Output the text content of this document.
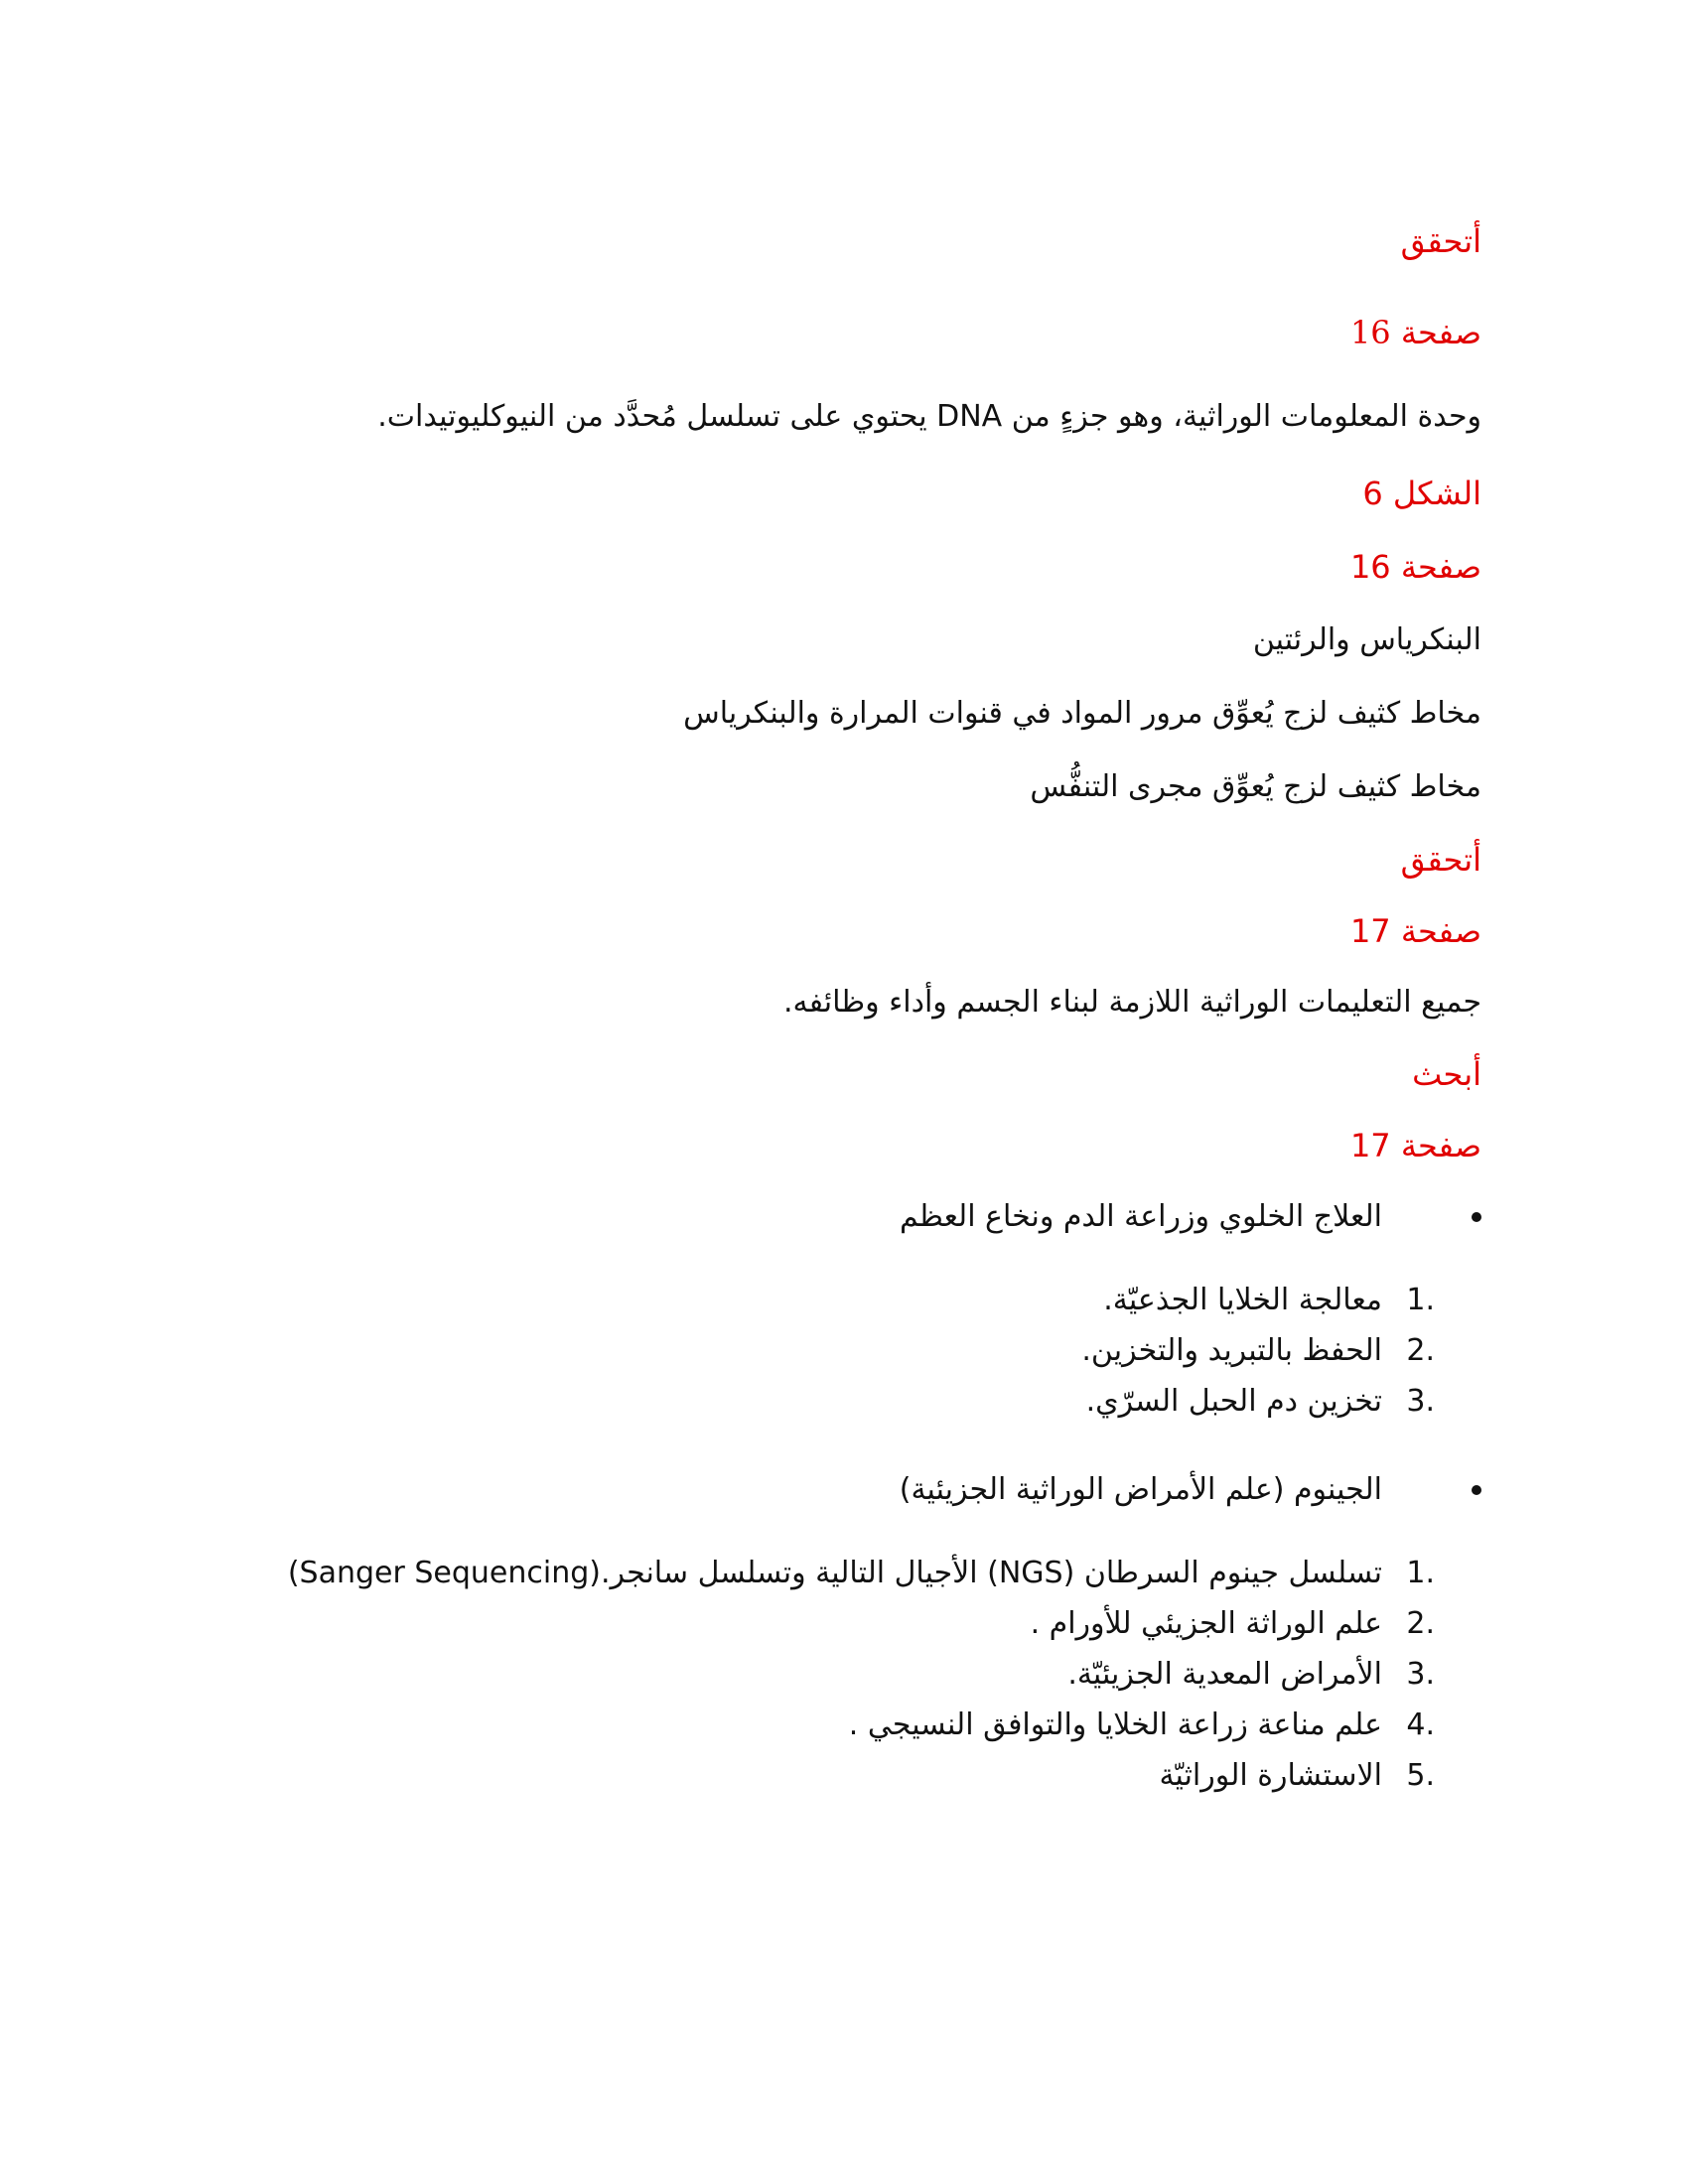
أتحقق

صفحة 16

وحدة المعلومات الوراثية، وهو جزءٍ من DNA يحتوي على تسلسل مُحدَّد من النيوكليوتيدات.

الشكل 6

صفحة 16

البنكرياس والرئتين

مخاط كثيف لزج يُعوِّق مرور المواد في قنوات المرارة والبنكرياس

مخاط كثيف لزج يُعوِّق مجرى التنفُّس

أتحقق

صفحة 17

جميع التعليمات الوراثية اللازمة لبناء الجسم وأداء وظائفه.

أبحث

صفحة 17

العلاج الخلوي وزراعة الدم ونخاع العظم
1.
معالجة الخلايا الجذعيّة.
2.
الحفظ بالتبريد والتخزين.
3.
تخزين دم الحبل السرّي.
الجينوم (علم الأمراض الوراثية الجزيئية)
1.
تسلسل جينوم السرطان (NGS) الأجيال التالية وتسلسل سانجر.(Sanger Sequencing)
2.
علم الوراثة الجزيئي للأورام .
3.
الأمراض المعدية الجزيئيّة.
4.
علم مناعة زراعة الخلايا والتوافق النسيجي .
5.
الاستشارة الوراثيّة
